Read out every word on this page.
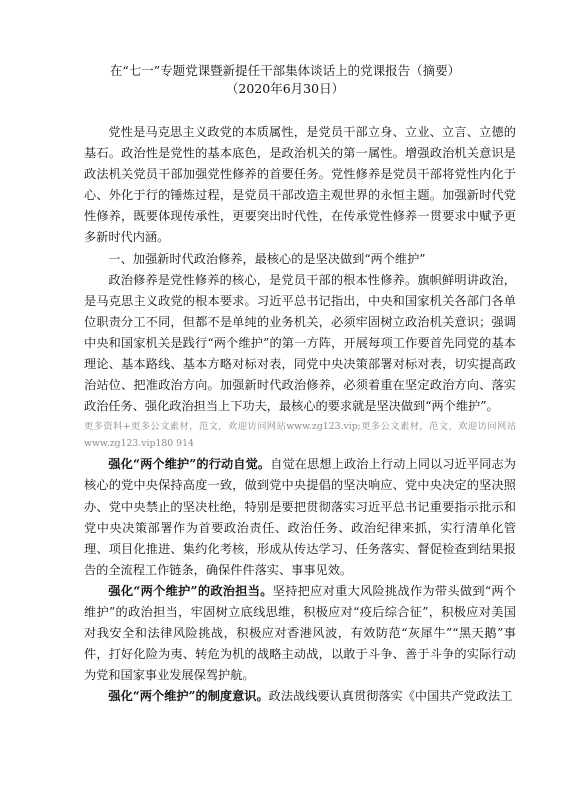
在“七一”专题党课暨新提任干部集体谈话上的党课报告（摘要）
（2020年6月30日）

党性是马克思主义政党的本质属性，是党员干部立身、立业、立言、立德的基石。政治性是党性的基本底色，是政治机关的第一属性。增强政治机关意识是政法机关党员干部加强党性修养的首要任务。党性修养是党员干部将党性内化于心、外化于行的锤炼过程，是党员干部改造主观世界的永恒主题。加强新时代党性修养，既要体现传承性，更要突出时代性，在传承党性修养一贯要求中赋予更多新时代内涵。

一、加强新时代政治修养，最核心的是坚决做到“两个维护”

政治修养是党性修养的核心，是党员干部的根本性修养。旗帜鲜明讲政治，是马克思主义政党的根本要求。习近平总书记指出，中央和国家机关各部门各单位职责分工不同，但都不是单纯的业务机关，必须牢固树立政治机关意识；强调中央和国家机关是践行“两个维护”的第一方阵，开展每项工作要首先同党的基本理论、基本路线、基本方略对标对表，同党中央决策部署对标对表，切实提高政治站位、把准政治方向。加强新时代政治修养，必须着重在坚定政治方向、落实政治任务、强化政治担当上下功夫，最核心的要求就是坚决做到“两个维护”。

更多资料+更多公文素材，范文，欢迎访问网站www.zg123.vip;更多公文素材，范文，欢迎访问网站www.zg123.vip180 914

强化“两个维护”的行动自觉。自觉在思想上政治上行动上同以习近平同志为核心的党中央保持高度一致，做到党中央提倡的坚决响应、党中央决定的坚决照办、党中央禁止的坚决杜绝，特别是要把贯彻落实习近平总书记重要指示批示和党中央决策部署作为首要政治责任、政治任务、政治纪律来抓，实行清单化管理、项目化推进、集约化考核，形成从传达学习、任务落实、督促检查到结果报告的全流程工作链条，确保件件落实、事事见效。

强化“两个维护”的政治担当。坚持把应对重大风险挑战作为带头做到“两个维护”的政治担当，牢固树立底线思维，积极应对“疫后综合征”，积极应对美国对我安全和法律风险挑战，积极应对香港风波，有效防范“灰犀牛”“黑天鹅”事件，打好化险为夷、转危为机的战略主动战，以敢于斗争、善于斗争的实际行动为党和国家事业发展保驾护航。

强化“两个维护”的制度意识。政法战线要认真贯彻落实《中国共产党政法工
